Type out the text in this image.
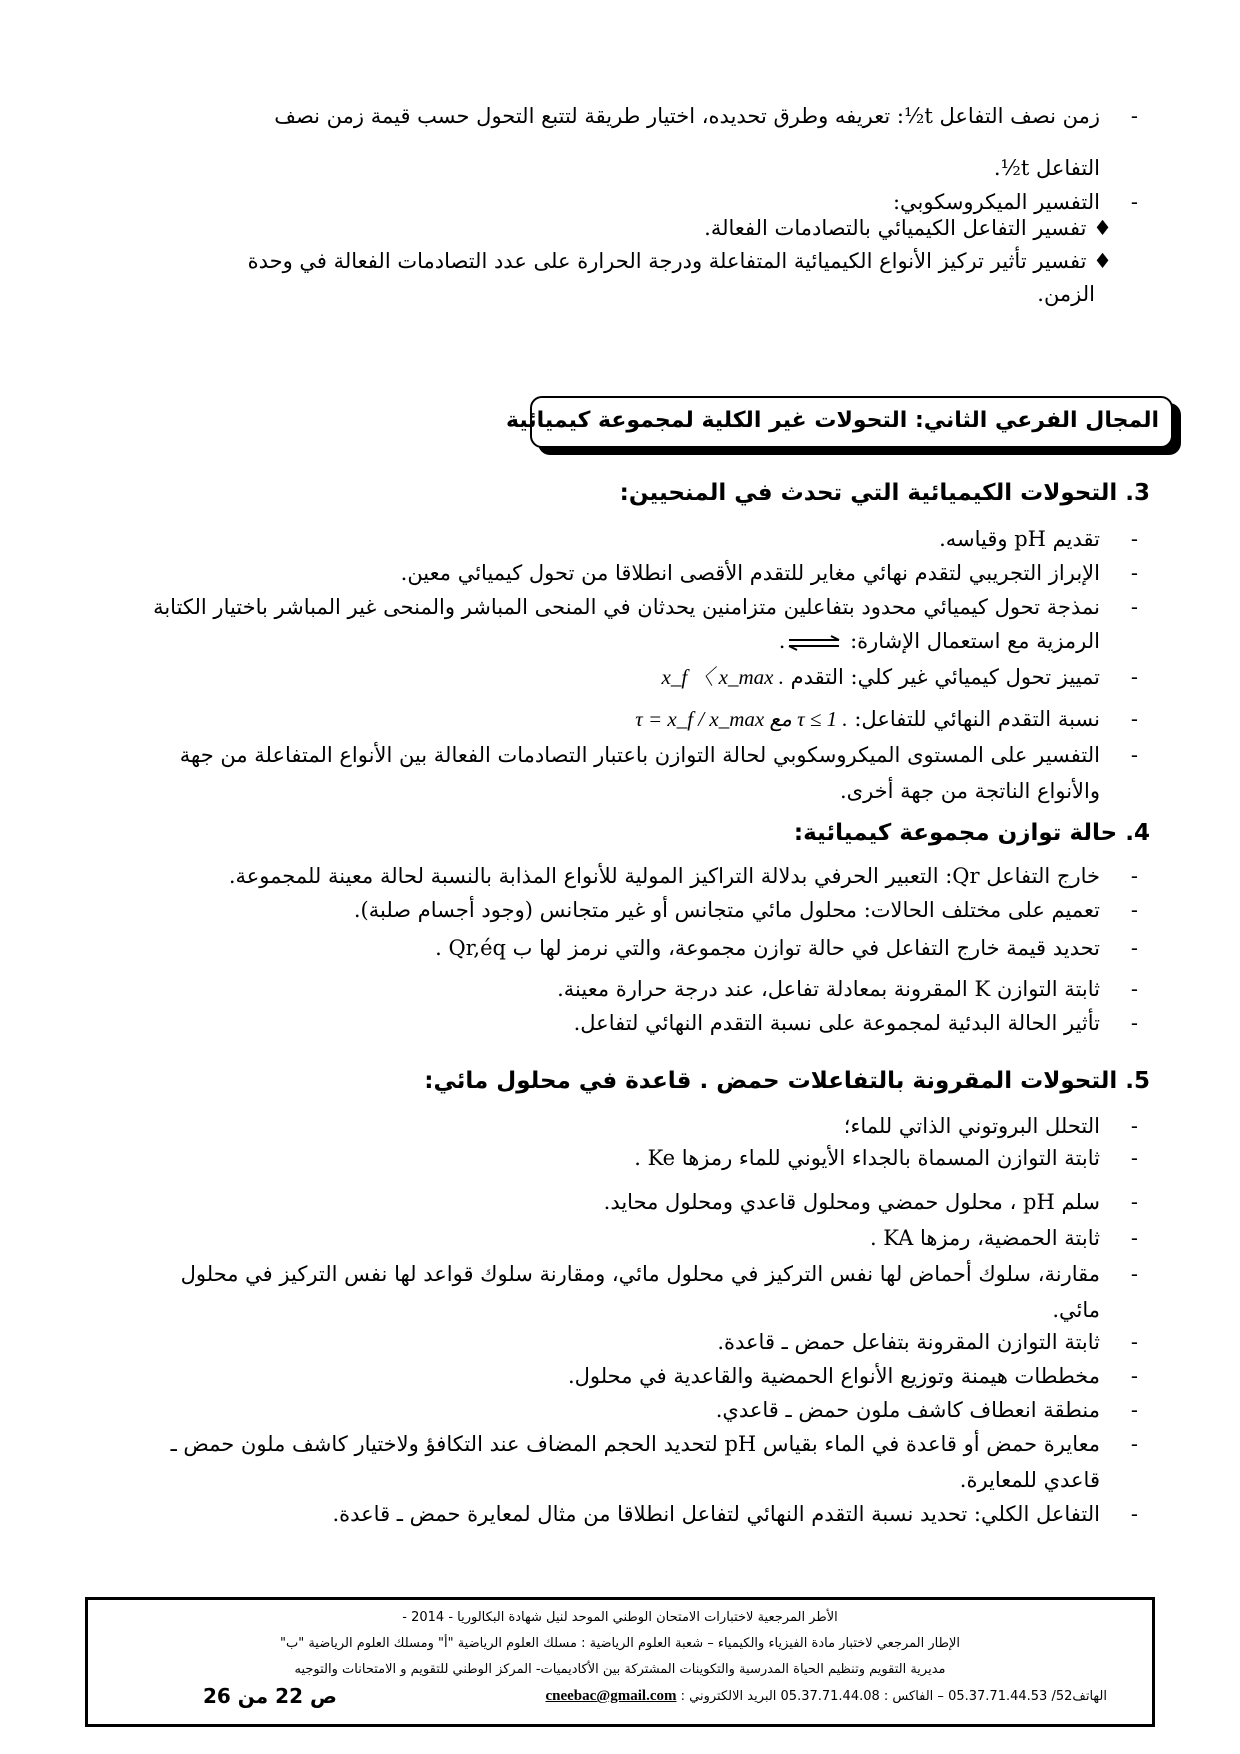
-
زمن نصف التفاعل t½: تعريفه وطرق تحديده، اختيار طريقة لتتبع التحول حسب قيمة زمن نصف
التفاعل t½.
-
التفسير الميكروسكوبي:
♦ تفسير التفاعل الكيميائي بالتصادمات الفعالة.
♦ تفسير تأثير تركيز الأنواع الكيميائية المتفاعلة ودرجة الحرارة على عدد التصادمات الفعالة في وحدة
الزمن.
المجال الفرعي الثاني: التحولات غير الكلية لمجموعة كيميائية
3. التحولات الكيميائية التي تحدث في المنحيين:
-
تقديم pH وقياسه.
-
الإبراز التجريبي لتقدم نهائي مغاير للتقدم الأقصى انطلاقا من تحول كيميائي معين.
-
نمذجة تحول كيميائي محدود بتفاعلين متزامنين يحدثان في المنحى المباشر والمنحى غير المباشر باختيار الكتابة
الرمزية مع استعمال الإشارة: .
-
تمييز تحول كيميائي غير كلي: التقدم x_f 〈 x_max .
-
نسبة التقدم النهائي للتفاعل: τ = x_f / x_max مع τ ≤ 1 .
-
التفسير على المستوى الميكروسكوبي لحالة التوازن باعتبار التصادمات الفعالة بين الأنواع المتفاعلة من جهة
والأنواع الناتجة من جهة أخرى.
4. حالة توازن مجموعة كيميائية:
-
خارج التفاعل Qr: التعبير الحرفي بدلالة التراكيز المولية للأنواع المذابة بالنسبة لحالة معينة للمجموعة.
-
تعميم على مختلف الحالات: محلول مائي متجانس أو غير متجانس (وجود أجسام صلبة).
-
تحديد قيمة خارج التفاعل في حالة توازن مجموعة، والتي نرمز لها ب Qr,éq .
-
ثابتة التوازن K المقرونة بمعادلة تفاعل، عند درجة حرارة معينة.
-
تأثير الحالة البدئية لمجموعة على نسبة التقدم النهائي لتفاعل.
5. التحولات المقرونة بالتفاعلات حمض . قاعدة في محلول مائي:
-
التحلل البروتوني الذاتي للماء؛
-
ثابتة التوازن المسماة بالجداء الأيوني للماء رمزها Ke .
-
سلم pH ، محلول حمضي ومحلول قاعدي ومحلول محايد.
-
ثابتة الحمضية، رمزها KA .
-
مقارنة، سلوك أحماض لها نفس التركيز في محلول مائي، ومقارنة سلوك قواعد لها نفس التركيز في محلول
مائي.
-
ثابتة التوازن المقرونة بتفاعل حمض ـ قاعدة.
-
مخططات هيمنة وتوزيع الأنواع الحمضية والقاعدية في محلول.
-
منطقة انعطاف كاشف ملون حمض ـ قاعدي.
-
معايرة حمض أو قاعدة في الماء بقياس pH لتحديد الحجم المضاف عند التكافؤ ولاختيار كاشف ملون حمض ـ
قاعدي للمعايرة.
-
التفاعل الكلي: تحديد نسبة التقدم النهائي لتفاعل انطلاقا من مثال لمعايرة حمض ـ قاعدة.
الأطر المرجعية لاختبارات الامتحان الوطني الموحد لنيل شهادة البكالوريا - 2014 -
الإطار المرجعي لاختبار مادة الفيزياء والكيمياء – شعبة العلوم الرياضية : مسلك العلوم الرياضية "أ" ومسلك العلوم الرياضية "ب"
مديرية التقويم وتنظيم الحياة المدرسية والتكوينات المشتركة بين الأكاديميات- المركز الوطني للتقويم و الامتحانات والتوجيه
الهاتف52/ 05.37.71.44.53 – الفاكس : 05.37.71.44.08 البريد الالكتروني : cneebac@gmail.com
ص 22 من 26
